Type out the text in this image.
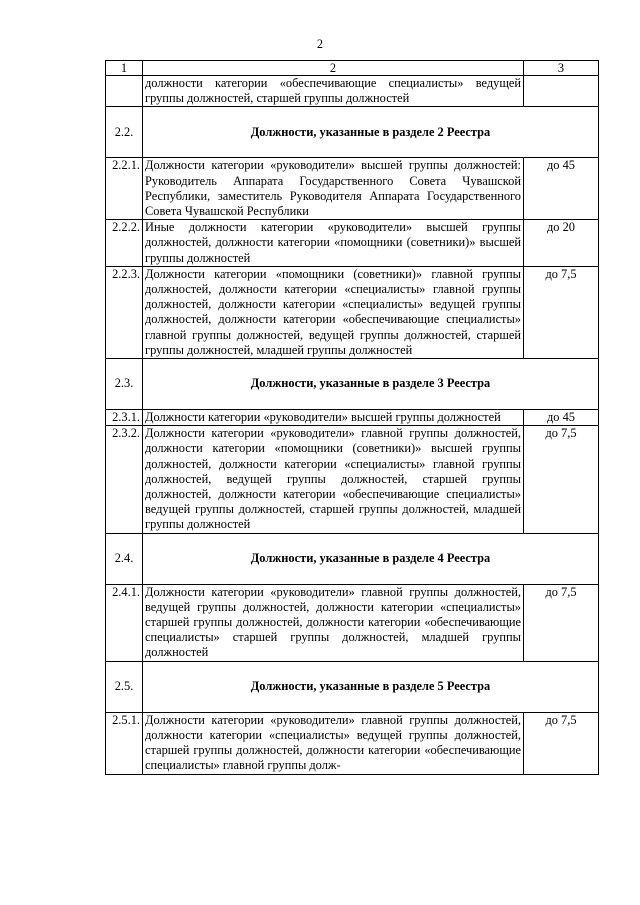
2
1	2	3
	должности категории «обеспечивающие специалисты» ведущей группы должностей, старшей группы должностей	
2.2.	Должности, указанные в разделе 2 Реестра	
2.2.1.	Должности категории «руководители» высшей группы должностей: Руководитель Аппарата Государственного Совета Чувашской Республики, заместитель Руководителя Аппарата Государственного Совета Чувашской Республики	до 45
2.2.2.	Иные должности категории «руководители» высшей группы должностей, должности категории «помощники (советники)» высшей группы должностей	до 20
2.2.3.	Должности категории «помощники (советники)» главной группы должностей, должности категории «специалисты» главной группы должностей, должности категории «специалисты» ведущей группы должностей, должности категории «обеспечивающие специалисты» главной группы должностей, ведущей группы должностей, старшей группы должностей, младшей группы должностей	до 7,5
2.3.	Должности, указанные в разделе 3 Реестра	
2.3.1.	Должности категории «руководители» высшей группы должностей	до 45
2.3.2.	Должности категории «руководители» главной группы должностей, должности категории «помощники (советники)» высшей группы должностей, должности категории «специалисты» главной группы должностей, ведущей группы должностей, старшей группы должностей, должности категории «обеспечивающие специалисты» ведущей группы должностей, старшей группы должностей, младшей группы должностей	до 7,5
2.4.	Должности, указанные в разделе 4 Реестра	
2.4.1.	Должности категории «руководители» главной группы должностей, ведущей группы должностей, должности категории «специалисты» старшей группы должностей, должности категории «обеспечивающие специалисты» старшей группы должностей, младшей группы должностей	до 7,5
2.5.	Должности, указанные в разделе 5 Реестра	
2.5.1.	Должности категории «руководители» главной группы должностей, должности категории «специалисты» ведущей группы должностей, старшей группы должностей, должности категории «обеспечивающие специалисты» главной группы долж-	до 7,5
